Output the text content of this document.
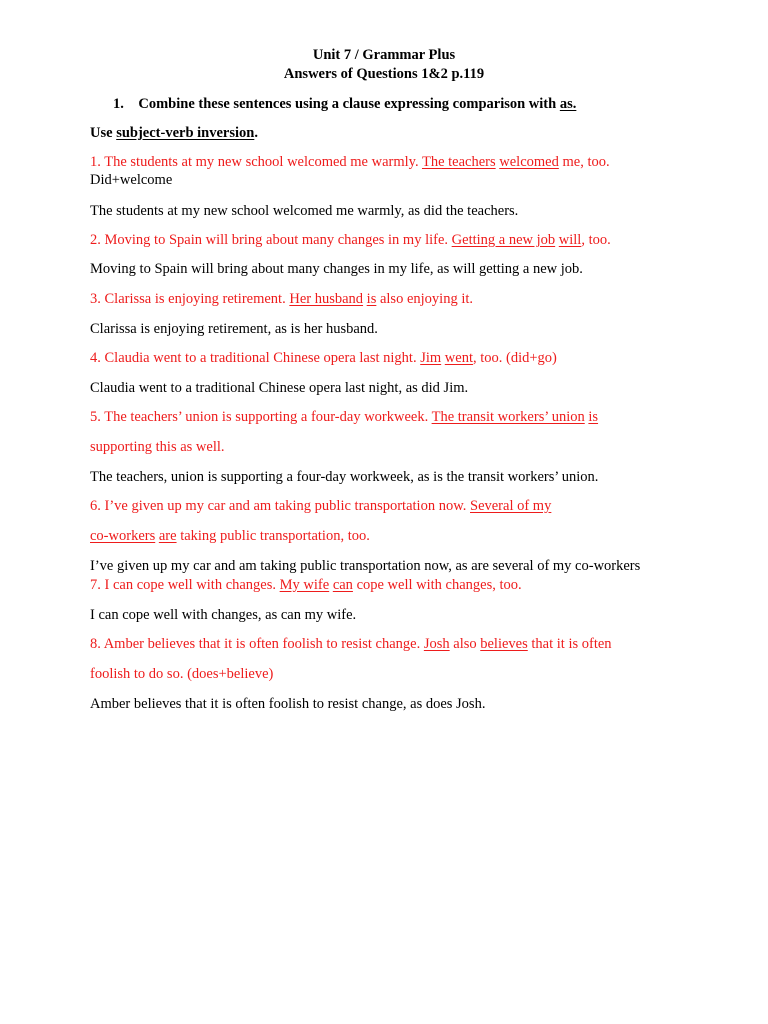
Unit 7 / Grammar Plus
Answers of Questions 1&2 p.119
1. Combine these sentences using a clause expressing comparison with as.
Use subject-verb inversion.
1. The students at my new school welcomed me warmly. The teachers welcomed me, too.
Did+welcome
The students at my new school welcomed me warmly, as did the teachers.
2. Moving to Spain will bring about many changes in my life. Getting a new job will, too.
Moving to Spain will bring about many changes in my life, as will getting a new job.
3. Clarissa is enjoying retirement. Her husband is also enjoying it.
Clarissa is enjoying retirement, as is her husband.
4. Claudia went to a traditional Chinese opera last night. Jim went, too. (did+go)
Claudia went to a traditional Chinese opera last night, as did Jim.
5. The teachers’ union is supporting a four-day workweek. The transit workers’ union is
supporting this as well.
The teachers, union is supporting a four-day workweek, as is the transit workers’ union.
6. I’ve given up my car and am taking public transportation now. Several of my
co-workers are taking public transportation, too.
I’ve given up my car and am taking public transportation now, as are several of my co-workers
7. I can cope well with changes. My wife can cope well with changes, too.
I can cope well with changes, as can my wife.
8. Amber believes that it is often foolish to resist change. Josh also believes that it is often
foolish to do so. (does+believe)
Amber believes that it is often foolish to resist change, as does Josh.
